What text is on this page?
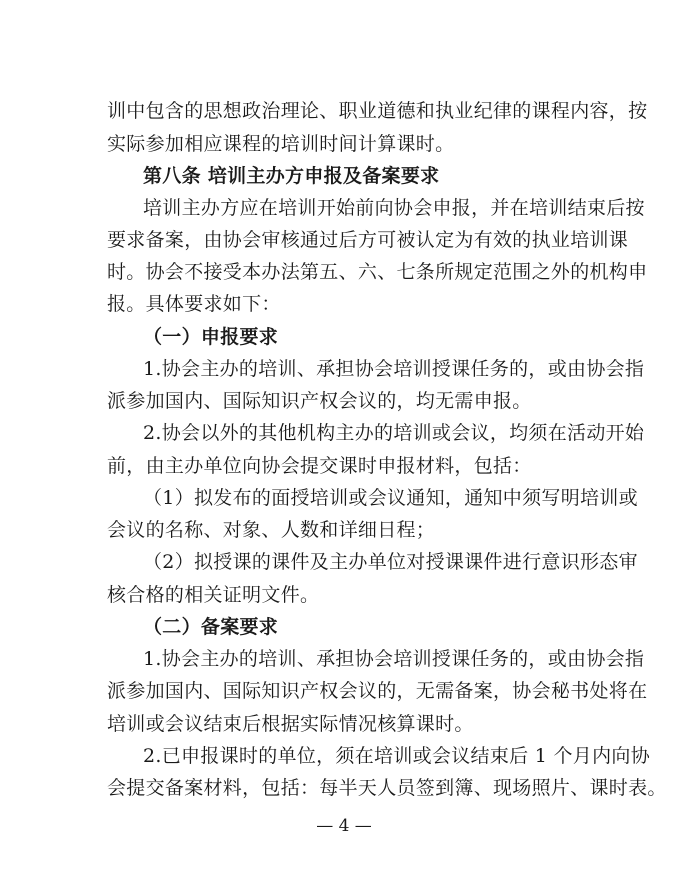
训中包含的思想政治理论、职业道德和执业纪律的课程内容，按
实际参加相应课程的培训时间计算课时。
第八条 培训主办方申报及备案要求
培训主办方应在培训开始前向协会申报，并在培训结束后按
要求备案，由协会审核通过后方可被认定为有效的执业培训课
时。协会不接受本办法第五、六、七条所规定范围之外的机构申
报。具体要求如下：
（一）申报要求
1.协会主办的培训、承担协会培训授课任务的，或由协会指
派参加国内、国际知识产权会议的，均无需申报。
2.协会以外的其他机构主办的培训或会议，均须在活动开始
前，由主办单位向协会提交课时申报材料，包括：
（1）拟发布的面授培训或会议通知，通知中须写明培训或
会议的名称、对象、人数和详细日程；
（2）拟授课的课件及主办单位对授课课件进行意识形态审
核合格的相关证明文件。
（二）备案要求
1.协会主办的培训、承担协会培训授课任务的，或由协会指
派参加国内、国际知识产权会议的，无需备案，协会秘书处将在
培训或会议结束后根据实际情况核算课时。
2.已申报课时的单位，须在培训或会议结束后 1 个月内向协
会提交备案材料，包括：每半天人员签到簿、现场照片、课时表。
— 4 —
